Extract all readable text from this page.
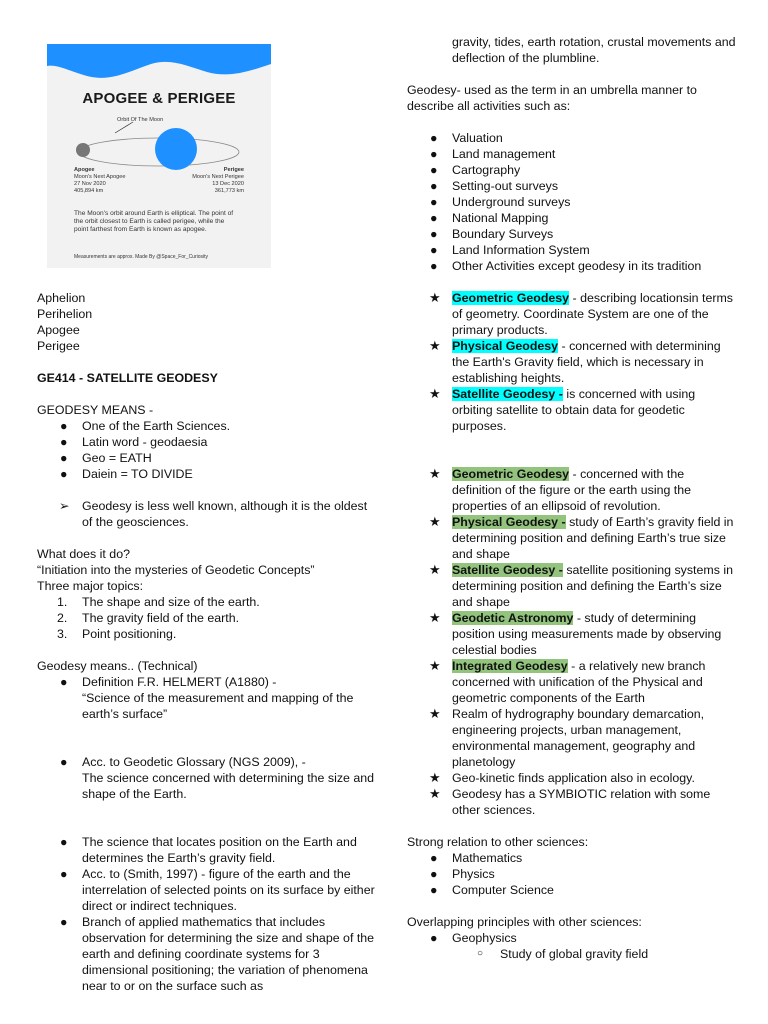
APOGEE & PERIGEE
Orbit Of The Moon
Apogee
Moon's Next Apogee
27 Nov 2020
405,894 km
Perigee
Moon's Next Perigee
13 Dec 2020
361,773 km
The Moon's orbit around Earth is elliptical. The point of the orbit closest to Earth is called perigee, while the point farthest from Earth is known as apogee.
Measurements are approx. Made By @Space_For_Curiosity

Aphelion

Perihelion

Apogee

Perigee

GE414 - SATELLITE GEODESY

GEODESY MEANS -

● One of the Earth Sciences.
● Latin word - geodaesia
● Geo = EATH
● Daiein = TO DIVIDE
➢ Geodesy is less well known, although it is the oldest of the geosciences.

What does it do?

“Initiation into the mysteries of Geodetic Concepts”

Three major topics:

1. The shape and size of the earth.
2. The gravity field of the earth.
3. Point positioning.

Geodesy means.. (Technical)

● Definition F.R. HELMERT (A1880) -
“Science of the measurement and mapping of the earth’s surface”
● Acc. to Geodetic Glossary (NGS 2009), -
The science concerned with determining the size and shape of the Earth.
● The science that locates position on the Earth and determines the Earth’s gravity field.
● Acc. to (Smith, 1997) - figure of the earth and the interrelation of selected points on its surface by either direct or indirect techniques.
● Branch of applied mathematics that includes observation for determining the size and shape of the earth and defining coordinate systems for 3 dimensional positioning; the variation of phenomena near to or on the surface such as

gravity, tides, earth rotation, crustal movements and deflection of the plumbline.

Geodesy- used as the term in an umbrella manner to describe all activities such as:

● Valuation
● Land management
● Cartography
● Setting-out surveys
● Underground surveys
● National Mapping
● Boundary Surveys
● Land Information System
● Other Activities except geodesy in its tradition
★ Geometric Geodesy - describing locationsin terms of geometry. Coordinate System are one of the primary products.
★ Physical Geodesy - concerned with determining the Earth's Gravity field, which is necessary in establishing heights.
★ Satellite Geodesy - is concerned with using orbiting satellite to obtain data for geodetic purposes.
★ Geometric Geodesy - concerned with the definition of the figure or the earth using the properties of an ellipsoid of revolution.
★ Physical Geodesy - study of Earth’s gravity field in determining position and defining Earth’s true size and shape
★ Satellite Geodesy - satellite positioning systems in determining position and defining the Earth’s size and shape
★ Geodetic Astronomy - study of determining position using measurements made by observing celestial bodies
★ Integrated Geodesy - a relatively new branch concerned with unification of the Physical and geometric components of the Earth
★ Realm of hydrography boundary demarcation, engineering projects, urban management, environmental management, geography and planetology
★ Geo-kinetic finds application also in ecology.
★ Geodesy has a SYMBIOTIC relation with some other sciences.

Strong relation to other sciences:

● Mathematics
● Physics
● Computer Science

Overlapping principles with other sciences:

● Geophysics
○ Study of global gravity field
